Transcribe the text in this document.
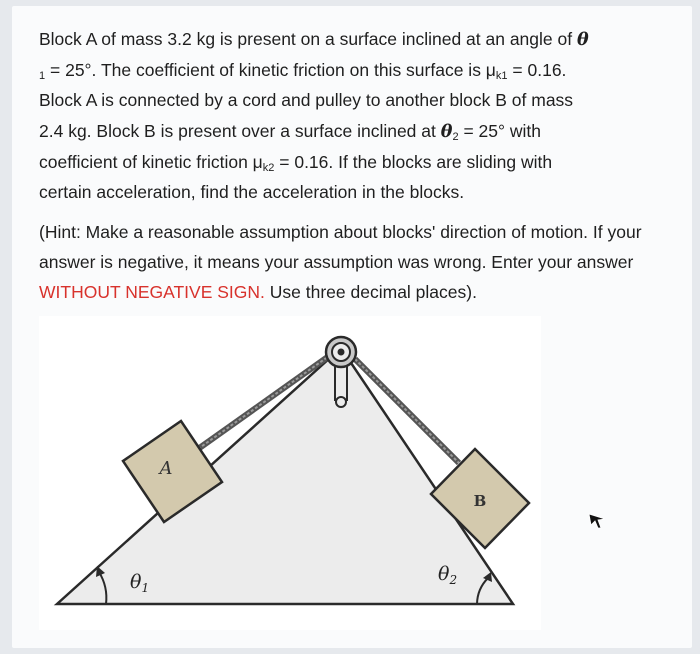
Block A of mass 3.2 kg is present on a surface inclined at an angle of θ

$_1$ = 25°. The coefficient of kinetic friction on this surface is $\mu_{k1} = 0.16$.

Block A is connected by a cord and pulley to another block B of mass

2.4 kg. Block B is present over a surface inclined at $\theta_2 = 25^\circ$ with

coefficient of kinetic friction $\mu_{k2} = 0.16$. If the blocks are sliding with

certain acceleration, find the acceleration in the blocks.

(Hint: Make a reasonable assumption about blocks' direction of motion. If your answer is negative, it means your assumption was wrong. Enter your answer WITHOUT NEGATIVE SIGN. Use three decimal places).
A
B
$\theta_1$
$\theta_2$
